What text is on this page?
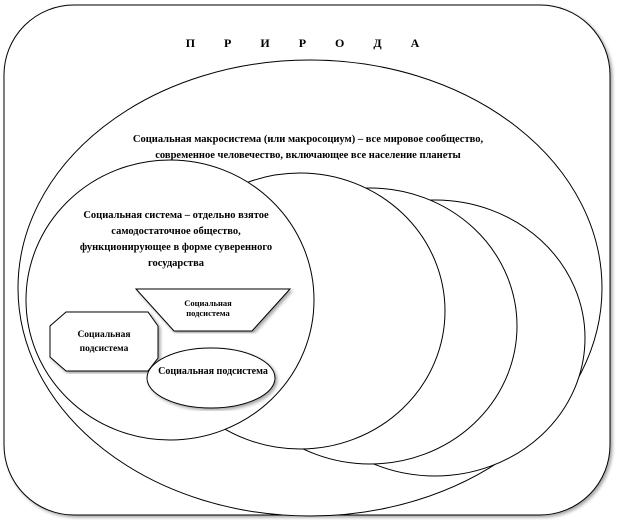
П Р И Р О Д А
Социальная макросистема (или макросоциум) – все мировое сообщество, современное человечество, включающее все население планеты
Социальная система – отдельно взятое самодостаточное общество, функционирующее в форме суверенного государства
Социальная подсистема
Социальная подсистема
Социальная подсистема
